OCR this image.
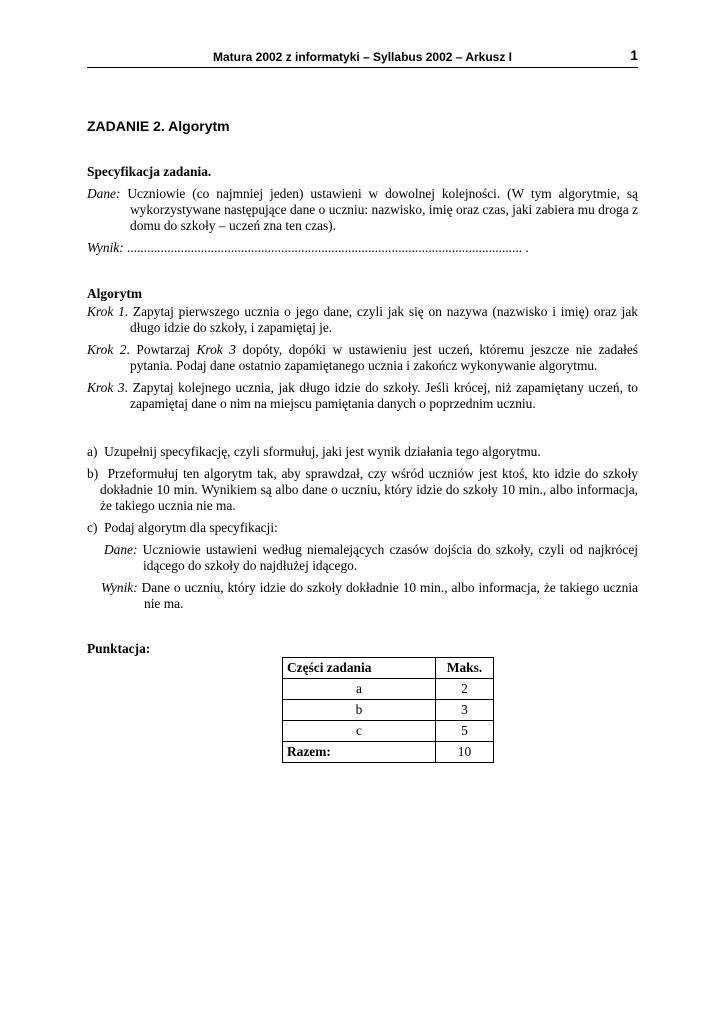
Matura 2002 z informatyki – Syllabus 2002 – Arkusz I	1
ZADANIE 2. Algorytm
Specyfikacja zadania.

Dane: Uczniowie (co najmniej jeden) ustawieni w dowolnej kolejności. (W tym algorytmie, są wykorzystywane następujące dane o uczniu: nazwisko, imię oraz czas, jaki zabiera mu droga z domu do szkoły – uczeń zna ten czas).

Wynik: ...................................................................................................................... .

Algorytm

Krok 1. Zapytaj pierwszego ucznia o jego dane, czyli jak się on nazywa (nazwisko i imię) oraz jak długo idzie do szkoły, i zapamiętaj je.

Krok 2. Powtarzaj Krok 3 dopóty, dopóki w ustawieniu jest uczeń, któremu jeszcze nie zadałeś pytania. Podaj dane ostatnio zapamiętanego ucznia i zakończ wykonywanie algorytmu.

Krok 3. Zapytaj kolejnego ucznia, jak długo idzie do szkoły. Jeśli krócej, niż zapamiętany uczeń, to zapamiętaj dane o nim na miejscu pamiętania danych o poprzednim uczniu.

a) Uzupełnij specyfikację, czyli sformułuj, jaki jest wynik działania tego algorytmu.

b) Przeformułuj ten algorytm tak, aby sprawdzał, czy wśród uczniów jest ktoś, kto idzie do szkoły dokładnie 10 min. Wynikiem są albo dane o uczniu, który idzie do szkoły 10 min., albo informacja, że takiego ucznia nie ma.

c) Podaj algorytm dla specyfikacji:

Dane: Uczniowie ustawieni według niemalejących czasów dojścia do szkoły, czyli od najkrócej idącego do szkoły do najdłużej idącego.

Wynik: Dane o uczniu, który idzie do szkoły dokładnie 10 min., albo informacja, że takiego ucznia nie ma.

Punktacja:
Części zadania	Maks.
a	2
b	3
c	5
Razem:	10
